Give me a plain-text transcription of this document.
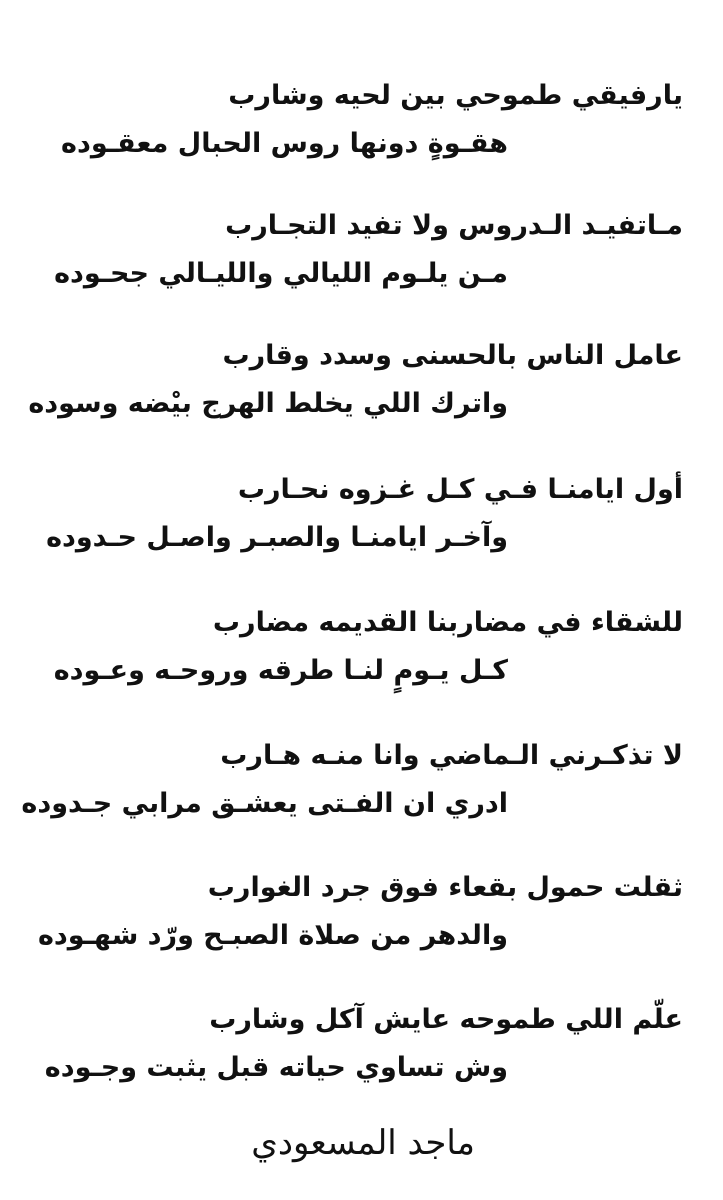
يارفيقي طموحي بين لحيه وشارب
هقـوةٍ دونها روس الحبال معقـوده
مـاتفيـد الـدروس ولا تفيد التجـارب
مـن يلـوم الليالي والليـالي جحـوده
عامل الناس بالحسنى وسدد وقارب
واترك اللي يخلط الهرج بيْضه وسوده
أول ايامنـا فـي كـل غـزوه نحـارب
وآخـر ايامنـا والصبـر واصـل حـدوده
للشقاء في مضاربنا القديمه مضارب
كـل يـومٍ لنـا طرقه وروحـه وعـوده
لا تذكـرني الـماضي وانا منـه هـارب
ادري ان الفـتى يعشـق مرابي جـدوده
ثقلت حمول بقعاء فوق جرد الغوارب
والدهر من صلاة الصبـح ورّد شهـوده
علّم اللي طموحه عايش آكل وشارب
وش تساوي حياته قبل يثبت وجـوده
ماجد المسعودي
